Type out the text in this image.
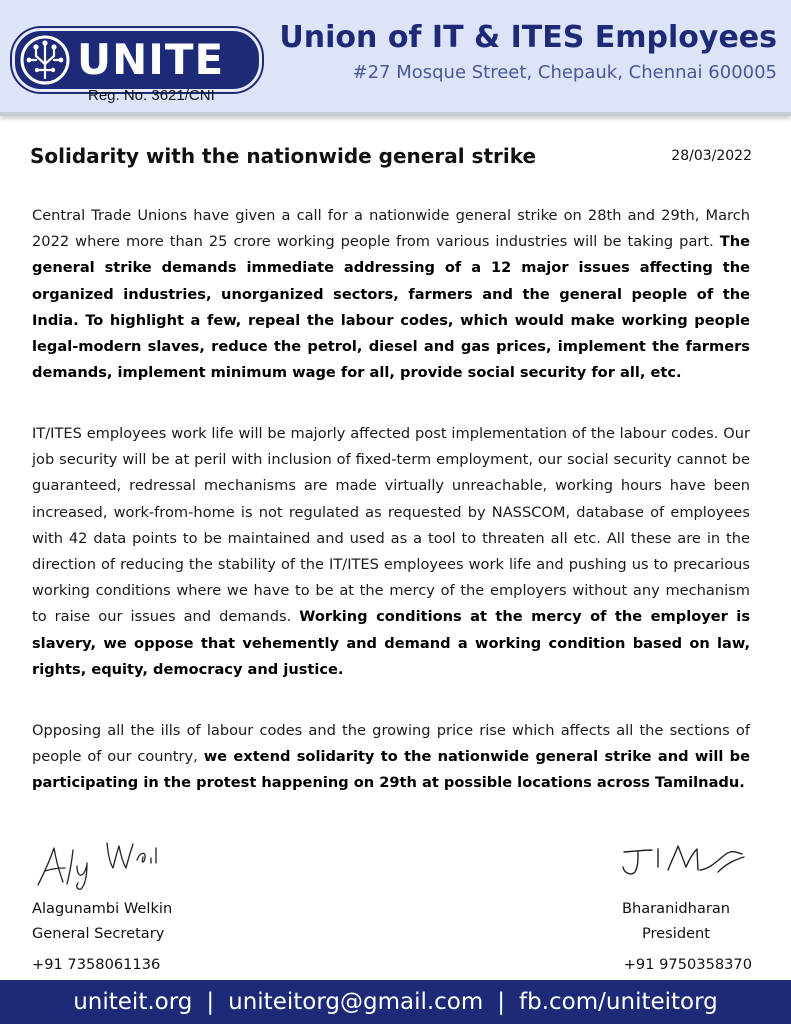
UNITE
Reg. No. 3621/CNI
Union of IT & ITES Employees
#27 Mosque Street, Chepauk, Chennai 600005
Solidarity with the nationwide general strike	28/03/2022

Central Trade Unions have given a call for a nationwide general strike on 28th and 29th, March 2022 where more than 25 crore working people from various industries will be taking part. The general strike demands immediate addressing of a 12 major issues affecting the organized industries, unorganized sectors, farmers and the general people of the India. To highlight a few, repeal the labour codes, which would make working people legal-modern slaves, reduce the petrol, diesel and gas prices, implement the farmers demands, implement minimum wage for all, provide social security for all, etc.

IT/ITES employees work life will be majorly affected post implementation of the labour codes. Our job security will be at peril with inclusion of fixed-term employment, our social security cannot be guaranteed, redressal mechanisms are made virtually unreachable, working hours have been increased, work-from-home is not regulated as requested by NASSCOM, database of employees with 42 data points to be maintained and used as a tool to threaten all etc. All these are in the direction of reducing the stability of the IT/ITES employees work life and pushing us to precarious working conditions where we have to be at the mercy of the employers without any mechanism to raise our issues and demands. Working conditions at the mercy of the employer is slavery, we oppose that vehemently and demand a working condition based on law, rights, equity, democracy and justice.

Opposing all the ills of labour codes and the growing price rise which affects all the sections of people of our country, we extend solidarity to the nationwide general strike and will be participating in the protest happening on 29th at possible locations across Tamilnadu.

Alagunambi Welkin
General Secretary
Bharanidharan
President
+91 7358061136	+91 9750358370
uniteit.org | uniteitorg@gmail.com | fb.com/uniteitorg
